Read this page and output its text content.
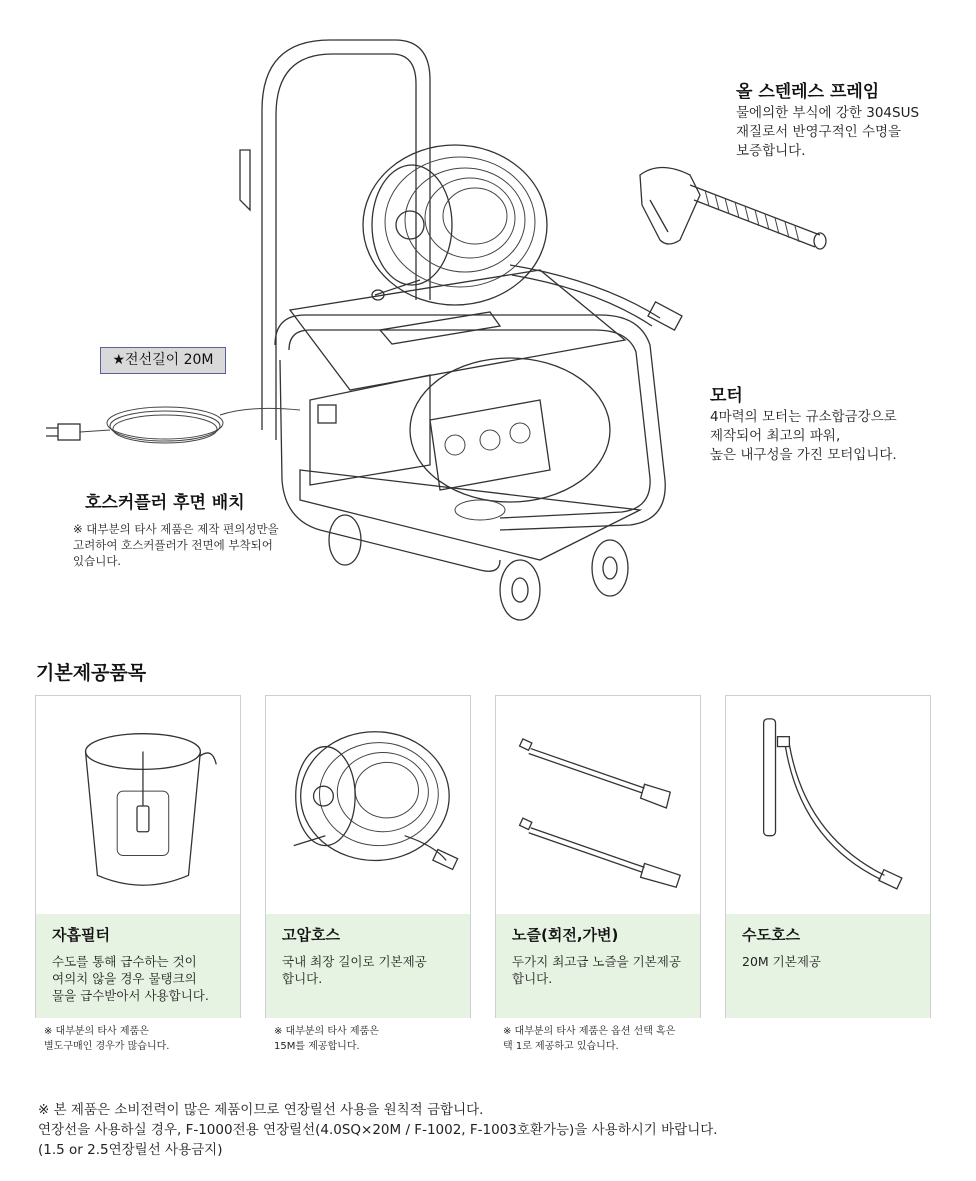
올 스텐레스 프레임
물에의한 부식에 강한 304SUS
재질로서 반영구적인 수명을
보증합니다.
모터
4마력의 모터는 규소합금강으로
제작되어 최고의 파워,
높은 내구성을 가진 모터입니다.
★전선길이 20M
호스커플러 후면 배치
※ 대부분의 타사 제품은 제작 편의성만을
고려하여 호스커플러가 전면에 부착되어
있습니다.
기본제공품목
자흡필터
수도를 통해 급수하는 것이
여의치 않을 경우 물탱크의
물을 급수받아서 사용합니다.
고압호스
국내 최장 길이로 기본제공
합니다.
노즐(회전,가변)
두가지 최고급 노즐을 기본제공
합니다.
수도호스
20M 기본제공
※ 대부분의 타사 제품은
별도구매인 경우가 많습니다.
※ 대부분의 타사 제품은
15M를 제공합니다.
※ 대부분의 타사 제품은 옵션 선택 혹은
택 1로 제공하고 있습니다.
※ 본 제품은 소비전력이 많은 제품이므로 연장릴선 사용을 원칙적 금합니다.
연장선을 사용하실 경우, F-1000전용 연장릴선(4.0SQ×20M / F-1002, F-1003호환가능)을 사용하시기 바랍니다.
(1.5 or 2.5연장릴선 사용금지)
